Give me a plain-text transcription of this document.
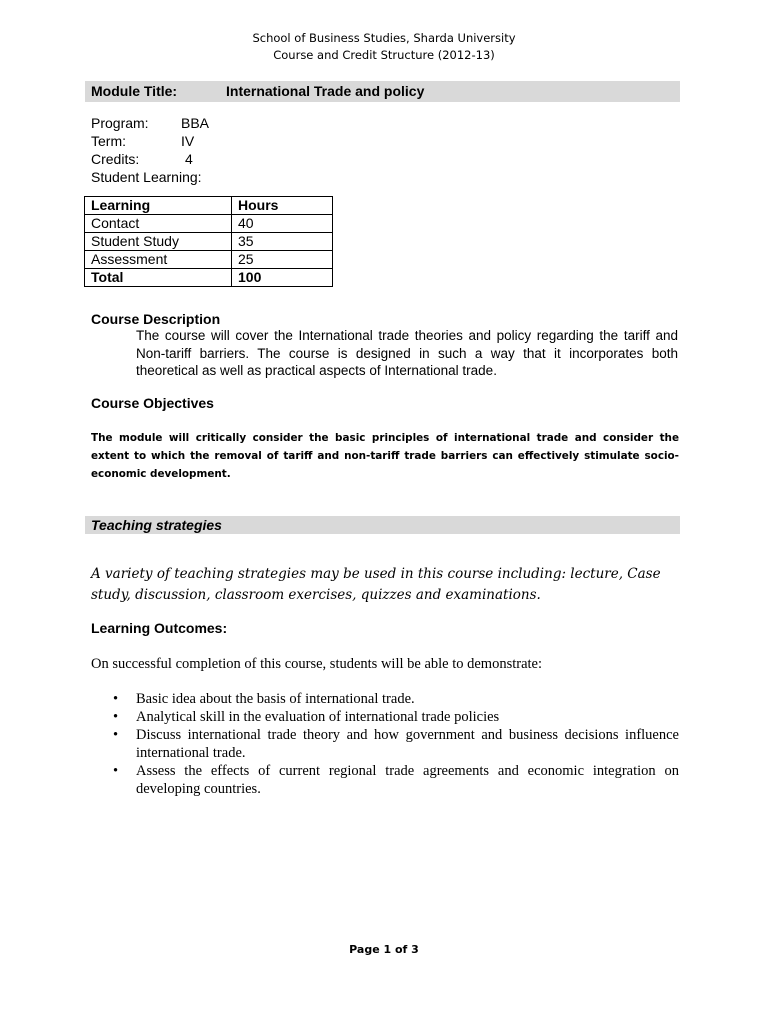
School of Business Studies, Sharda University
Course and Credit Structure (2012-13)
Module Title:	International Trade and policy
Program: BBA
Term:	IV
Credits:	4
Student Learning:
Learning	Hours
Contact	40
Student Study	35
Assessment	25
Total	100
Course Description
The course will cover the International trade theories and policy regarding the tariff and Non-tariff barriers. The course is designed in such a way that it incorporates both theoretical as well as practical aspects of International trade.
Course Objectives
The module will critically consider the basic principles of international trade and consider the extent to which the removal of tariff and non-tariff trade barriers can effectively stimulate socio-economic development.
Teaching strategies
A variety of teaching strategies may be used in this course including: lecture, Case study, discussion, classroom exercises, quizzes and examinations.
Learning Outcomes:
On successful completion of this course, students will be able to demonstrate:
• Basic idea about the basis of international trade.
• Analytical skill in the evaluation of international trade policies
• Discuss international trade theory and how government and business decisions influence international trade.
• Assess the effects of current regional trade agreements and economic integration on developing countries.
Page 1 of 3
